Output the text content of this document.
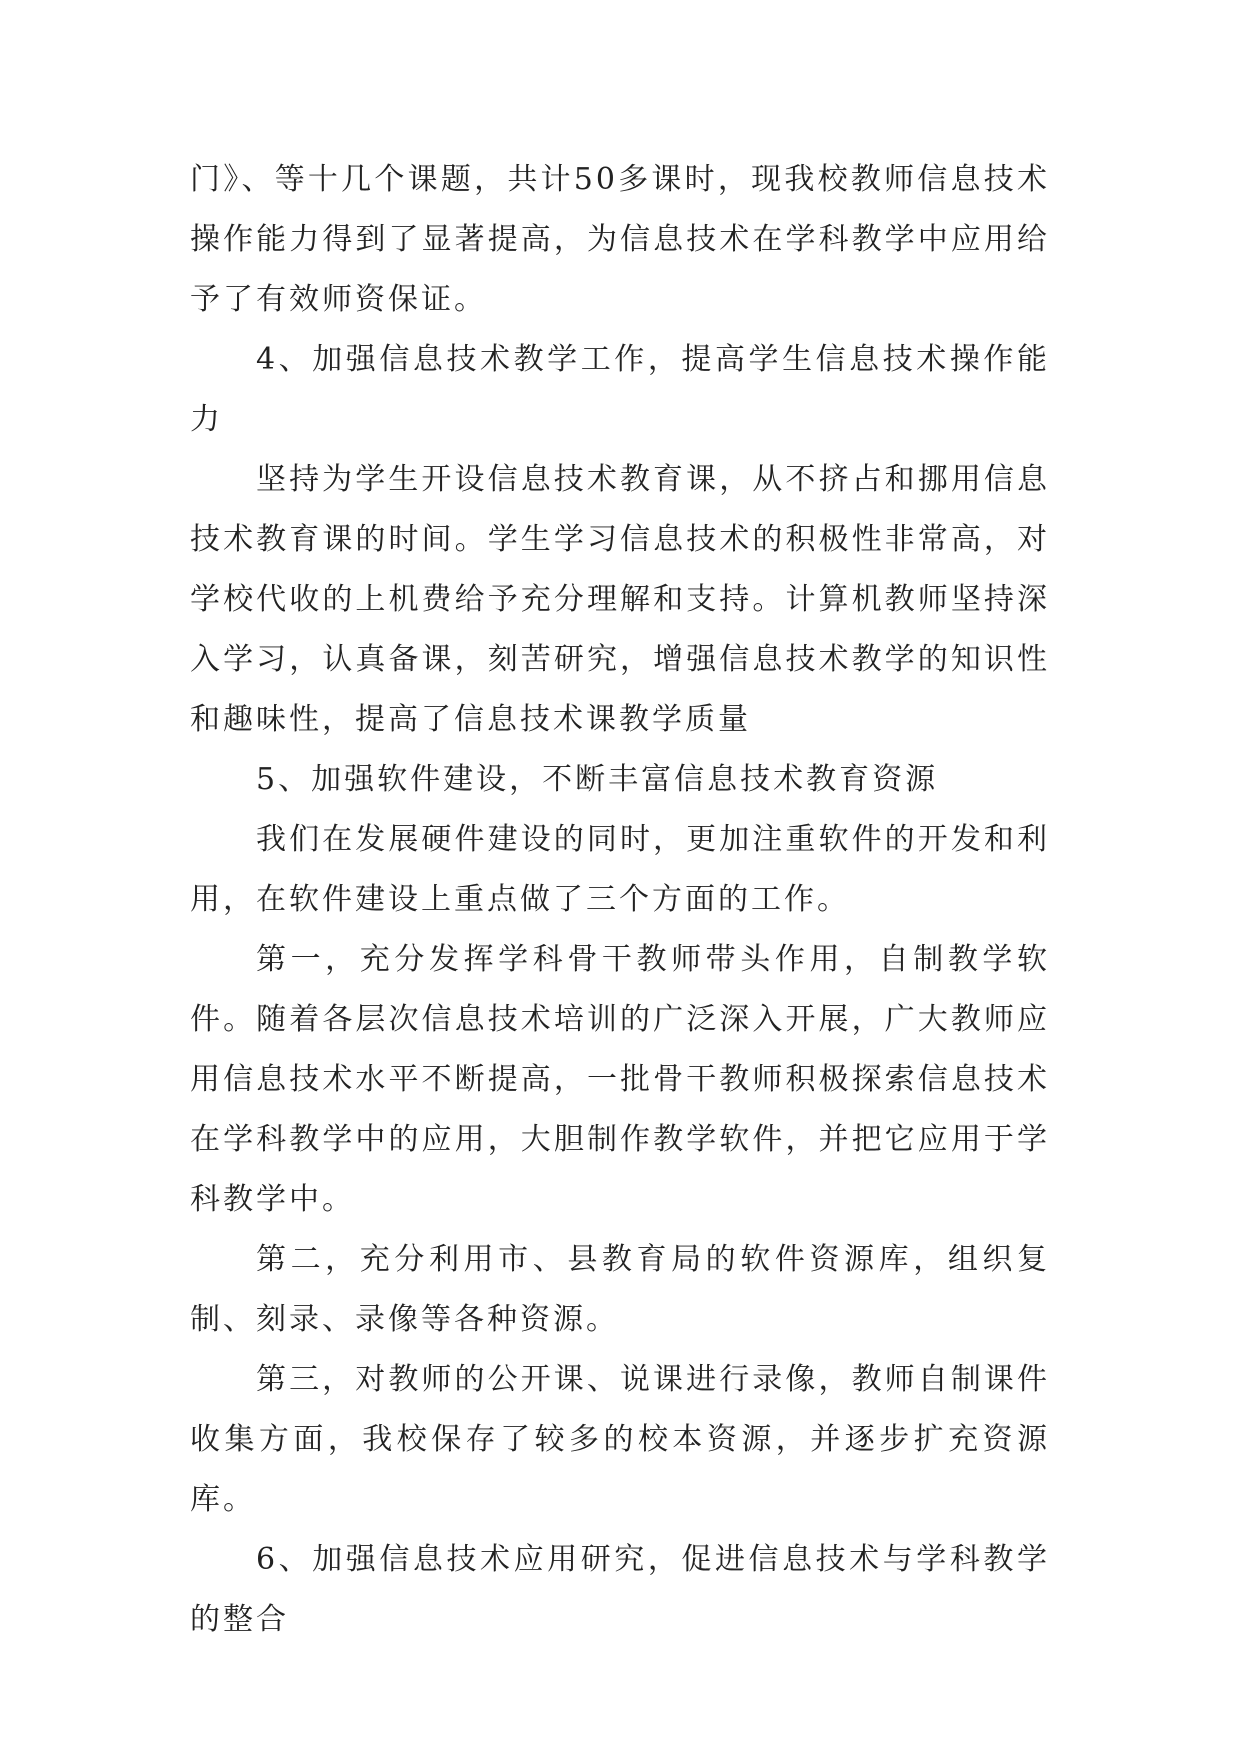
门》、等十几个课题，共计50多课时，现我校教师信息技术操作能力得到了显著提高，为信息技术在学科教学中应用给予了有效师资保证。

4、加强信息技术教学工作，提高学生信息技术操作能力

坚持为学生开设信息技术教育课，从不挤占和挪用信息技术教育课的时间。学生学习信息技术的积极性非常高，对学校代收的上机费给予充分理解和支持。计算机教师坚持深入学习，认真备课，刻苦研究，增强信息技术教学的知识性和趣味性，提高了信息技术课教学质量

5、加强软件建设，不断丰富信息技术教育资源

我们在发展硬件建设的同时，更加注重软件的开发和利用，在软件建设上重点做了三个方面的工作。

第一，充分发挥学科骨干教师带头作用，自制教学软件。随着各层次信息技术培训的广泛深入开展，广大教师应用信息技术水平不断提高，一批骨干教师积极探索信息技术在学科教学中的应用，大胆制作教学软件，并把它应用于学科教学中。

第二，充分利用市、县教育局的软件资源库，组织复制、刻录、录像等各种资源。

第三，对教师的公开课、说课进行录像，教师自制课件收集方面，我校保存了较多的校本资源，并逐步扩充资源库。

6、加强信息技术应用研究，促进信息技术与学科教学的整合
